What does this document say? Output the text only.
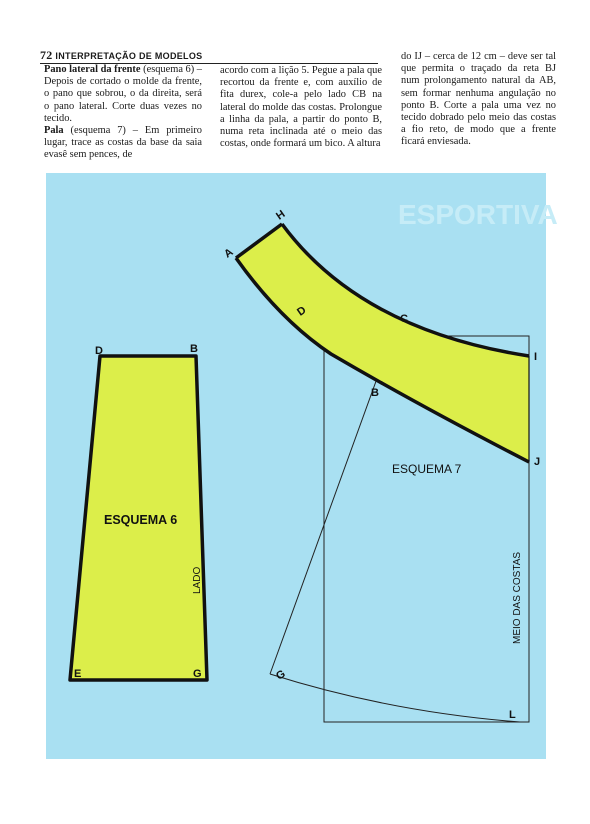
72 INTERPRETAÇÃO DE MODELOS

Pano lateral da frente (esquema 6) – Depois de cortado o molde da frente, o pano que sobrou, o da direita, será o pano lateral. Corte duas vezes no tecido.

Pala (esquema 7) – Em primeiro lugar, trace as costas da base da saia evasê sem pences, de

acordo com a lição 5. Pegue a pala que recortou da frente e, com auxílio de fita durex, cole-a pelo lado CB na lateral do molde das costas. Prolongue a linha da pala, a partir do ponto B, numa reta inclinada até o meio das costas, onde formará um bico. A altura

do IJ – cerca de 12 cm – deve ser tal que permita o traçado da reta BJ num prolongamento natural da AB, sem formar nenhuma angulação no ponto B. Corte a pala uma vez no tecido dobrado pelo meio das costas a fio reto, de modo que a frente ficará enviesada.

ESPORTIVA
D	B
E	G
ESQUEMA 6
LADO
H
A
D
C
I
B
J
G
L
ESQUEMA 7
MEIO DAS COSTAS
